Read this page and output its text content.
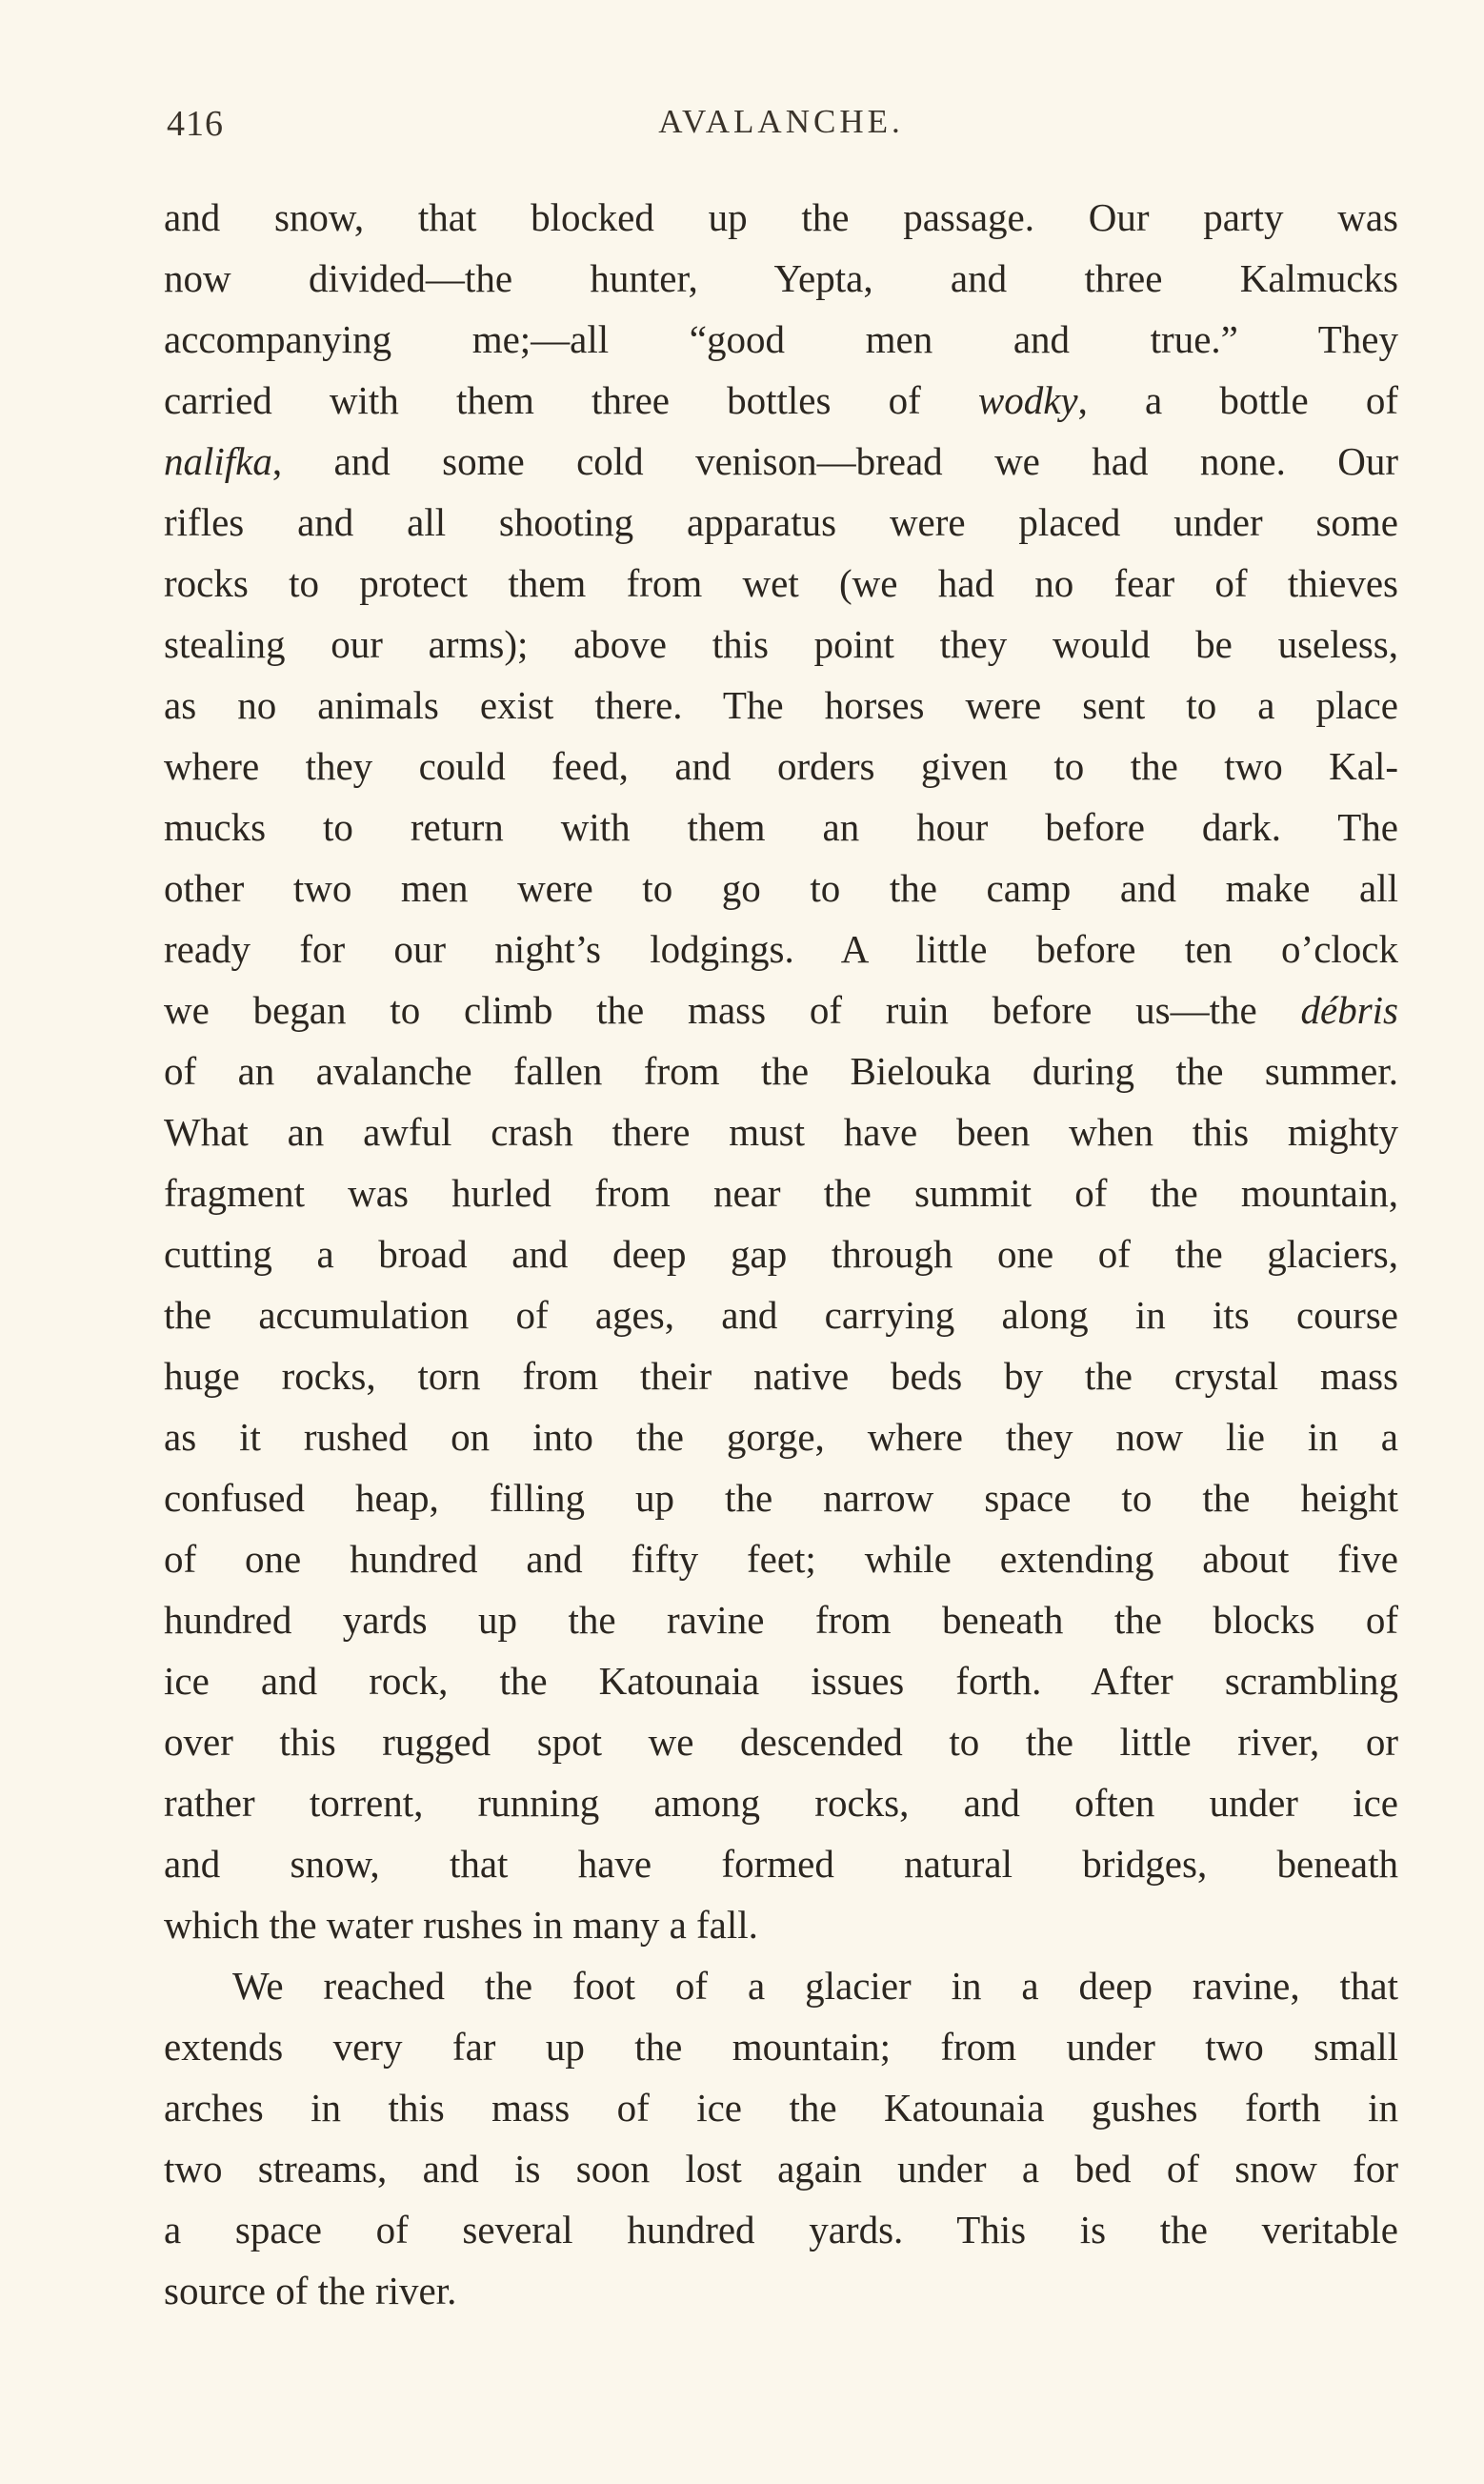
416	AVALANCHE.
and snow, that blocked up the passage. Our party was
now divided—the hunter, Yepta, and three Kalmucks
accompanying me;—all “good men and true.” They
carried with them three bottles of wodky, a bottle of
nalifka, and some cold venison—bread we had none. Our
rifles and all shooting apparatus were placed under some
rocks to protect them from wet (we had no fear of thieves
stealing our arms); above this point they would be useless,
as no animals exist there. The horses were sent to a place
where they could feed, and orders given to the two Kal-
mucks to return with them an hour before dark. The
other two men were to go to the camp and make all
ready for our night’s lodgings. A little before ten o’clock
we began to climb the mass of ruin before us—the débris
of an avalanche fallen from the Bielouka during the summer.
What an awful crash there must have been when this mighty
fragment was hurled from near the summit of the mountain,
cutting a broad and deep gap through one of the glaciers,
the accumulation of ages, and carrying along in its course
huge rocks, torn from their native beds by the crystal mass
as it rushed on into the gorge, where they now lie in a
confused heap, filling up the narrow space to the height
of one hundred and fifty feet; while extending about five
hundred yards up the ravine from beneath the blocks of
ice and rock, the Katounaia issues forth. After scrambling
over this rugged spot we descended to the little river, or
rather torrent, running among rocks, and often under ice
and snow, that have formed natural bridges, beneath
which the water rushes in many a fall.
We reached the foot of a glacier in a deep ravine, that
extends very far up the mountain; from under two small
arches in this mass of ice the Katounaia gushes forth in
two streams, and is soon lost again under a bed of snow for
a space of several hundred yards. This is the veritable
source of the river.
